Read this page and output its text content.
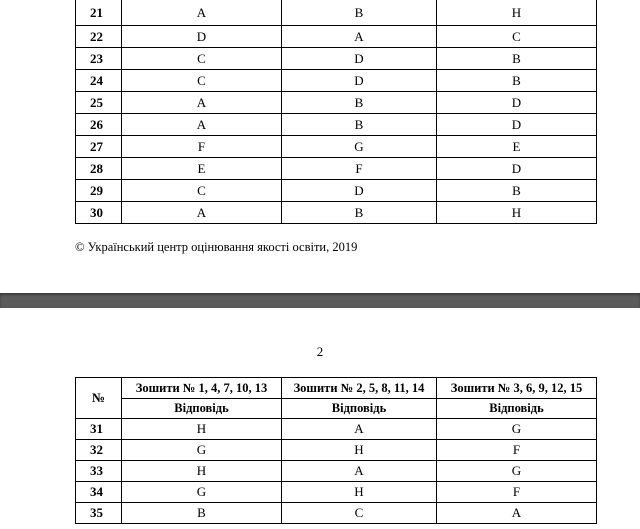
21	A	B	H
22	D	A	C
23	C	D	B
24	C	D	B
25	A	B	D
26	A	B	D
27	F	G	E
28	E	F	D
29	C	D	B
30	A	B	H
© Український центр оцінювання якості освіти, 2019
2
№	Зошити № 1, 4, 7, 10, 13	Зошити № 2, 5, 8, 11, 14	Зошити № 3, 6, 9, 12, 15
	Відповідь	Відповідь	Відповідь
31	H	A	G
32	G	H	F
33	H	A	G
34	G	H	F
35	B	C	A
